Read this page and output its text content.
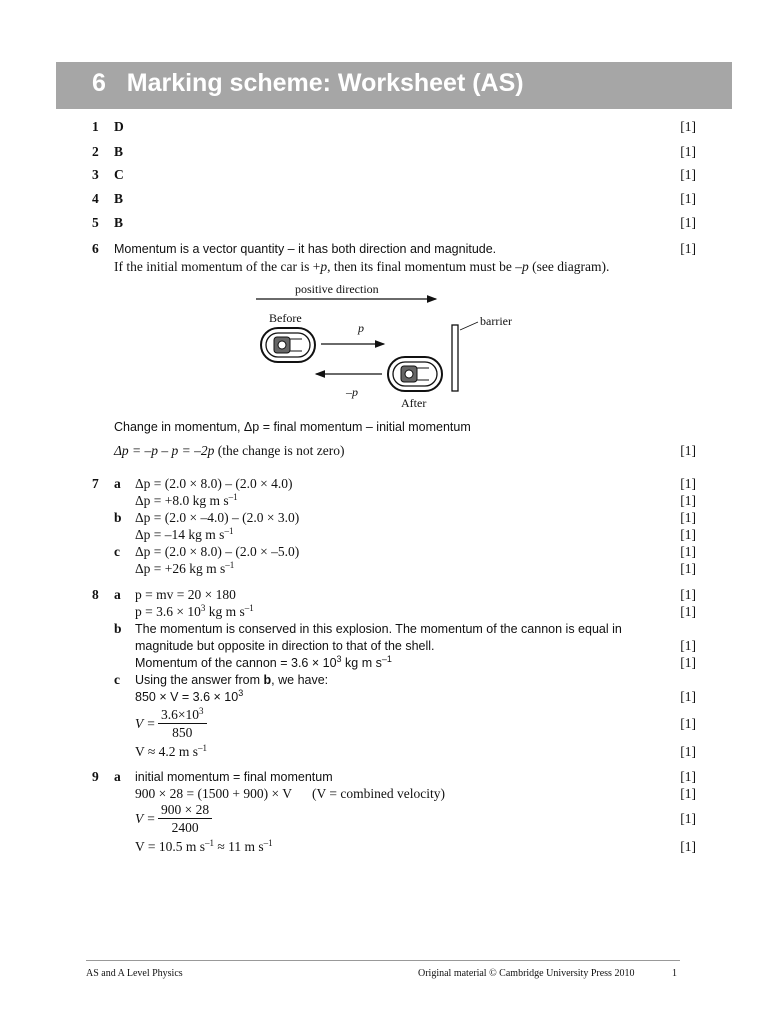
6 Marking scheme: Worksheet (AS)
1 D	[1]
2 B	[1]
3 C	[1]
4 B	[1]
5 B	[1]
6 Momentum is a vector quantity – it has both direction and magnitude.	[1]
If the initial momentum of the car is +p, then its final momentum must be –p (see diagram).
positive direction
Before
p
–p
After
barrier
Change in momentum, Δp = final momentum – initial momentum
Δp = –p – p = –2p (the change is not zero)	[1]
7 a Δp = (2.0 × 8.0) – (2.0 × 4.0)	[1]
Δp = +8.0 kg m $s^{-1}$	[1]
b Δp = (2.0 × –4.0) – (2.0 × 3.0)	[1]
Δp = –14 kg m $s^{-1}$	[1]
c Δp = (2.0 × 8.0) – (2.0 × –5.0)	[1]
Δp = +26 kg m $s^{-1}$	[1]
8 a p = mv = 20 × 180	[1]
$p = 3.6 \times 10^3$ kg m $s^{-1}$	[1]
b The momentum is conserved in this explosion. The momentum of the cannon is equal in
magnitude but opposite in direction to that of the shell.	[1]
Momentum of the cannon = $3.6 \times 10^3$ kg m $s^{-1}$	[1]
c Using the answer from b, we have:
$850 \times V = 3.6 \times 10^3$	[1]
$V = \frac{3.6\times 10^3}{850}$	[1]
V ≈ 4.2 m $s^{-1}$	[1]
9 a initial momentum = final momentum	[1]
900 × 28 = (1500 + 900) × V (V = combined velocity)	[1]
$V = \frac{900 \times 28}{2400}$	[1]
V = 10.5 m $s^{-1} \approx 11$ m $s^{-1}$	[1]
AS and A Level Physics	Original material © Cambridge University Press 2010	1
